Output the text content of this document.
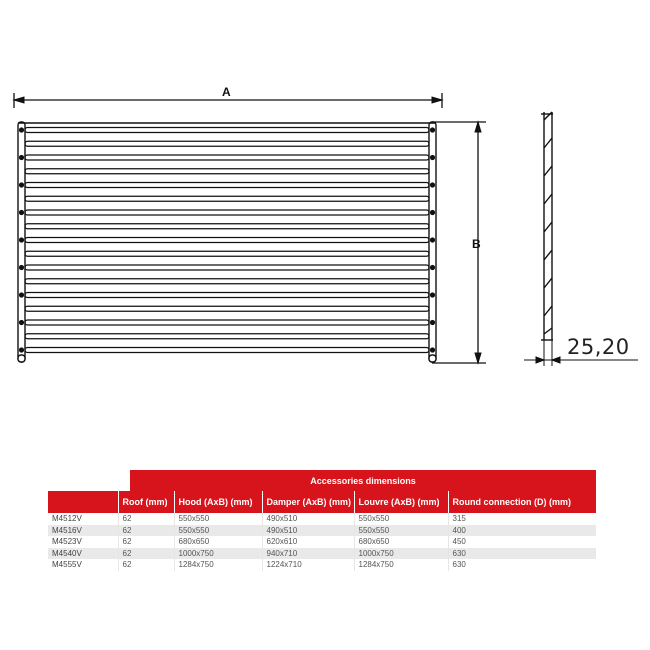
A
B
25,20
Accessories dimensions
	Roof (mm)	Hood (AxB) (mm)	Damper (AxB) (mm)	Louvre (AxB) (mm)	Round connection (D) (mm)
M4512V	62	550x550	490x510	550x550	315
M4516V	62	550x550	490x510	550x550	400
M4523V	62	680x650	620x610	680x650	450
M4540V	62	1000x750	940x710	1000x750	630
M4555V	62	1284x750	1224x710	1284x750	630
